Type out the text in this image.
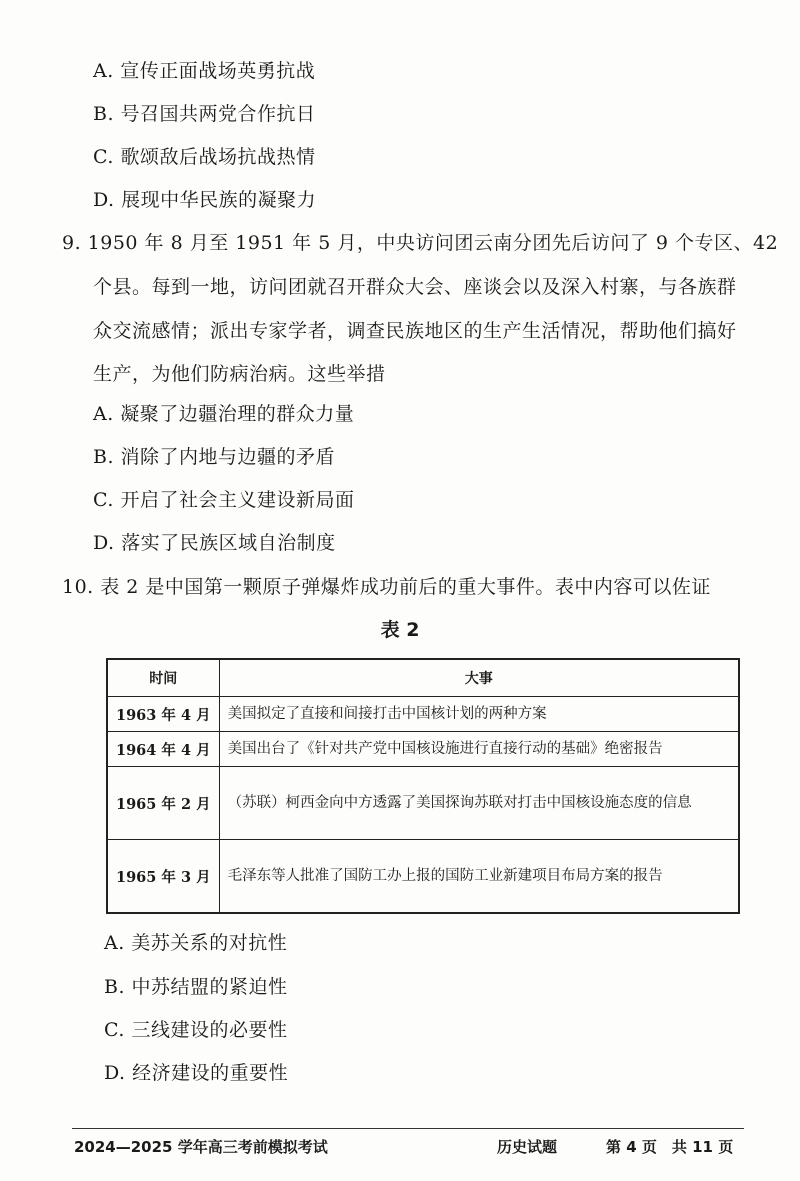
A. 宣传正面战场英勇抗战
B. 号召国共两党合作抗日
C. 歌颂敌后战场抗战热情
D. 展现中华民族的凝聚力
9. 1950 年 8 月至 1951 年 5 月，中央访问团云南分团先后访问了 9 个专区、42
个县。每到一地，访问团就召开群众大会、座谈会以及深入村寨，与各族群
众交流感情；派出专家学者，调查民族地区的生产生活情况，帮助他们搞好
生产，为他们防病治病。这些举措
A. 凝聚了边疆治理的群众力量
B. 消除了内地与边疆的矛盾
C. 开启了社会主义建设新局面
D. 落实了民族区域自治制度
10. 表 2 是中国第一颗原子弹爆炸成功前后的重大事件。表中内容可以佐证
表 2
时间	大事
1963 年 4 月	美国拟定了直接和间接打击中国核计划的两种方案
1964 年 4 月	美国出台了《针对共产党中国核设施进行直接行动的基础》绝密报告
1965 年 2 月	（苏联）柯西金向中方透露了美国探询苏联对打击中国核设施态度的信息
1965 年 3 月	毛泽东等人批准了国防工办上报的国防工业新建项目布局方案的报告
A. 美苏关系的对抗性
B. 中苏结盟的紧迫性
C. 三线建设的必要性
D. 经济建设的重要性
2024—2025 学年高三考前模拟考试	历史试题	第 4 页　共 11 页
